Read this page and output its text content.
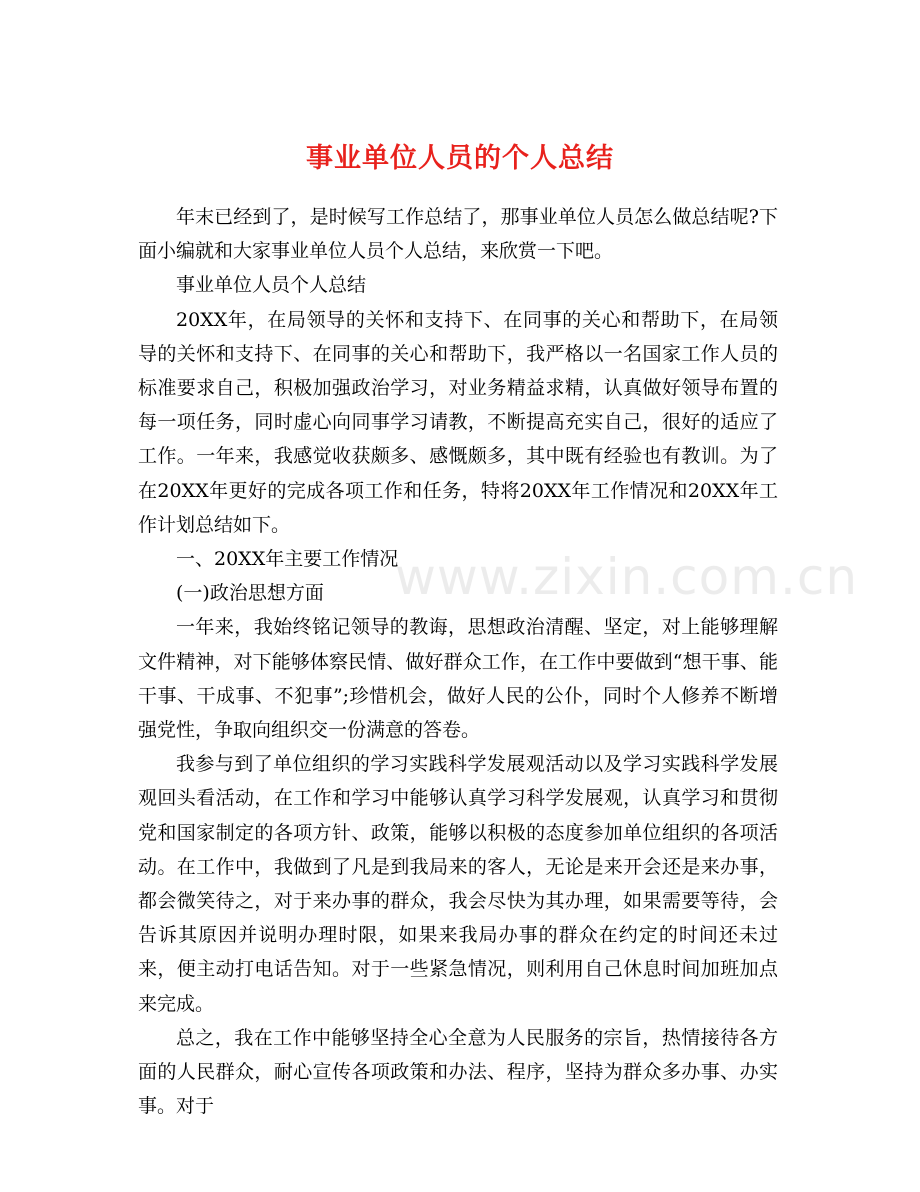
事业单位人员的个人总结

年末已经到了，是时候写工作总结了，那事业单位人员怎么做总结呢?下面小编就和大家事业单位人员个人总结，来欣赏一下吧。

事业单位人员个人总结

20XX年，在局领导的关怀和支持下、在同事的关心和帮助下，在局领导的关怀和支持下、在同事的关心和帮助下，我严格以一名国家工作人员的标准要求自己，积极加强政治学习，对业务精益求精，认真做好领导布置的每一项任务，同时虚心向同事学习请教，不断提高充实自己，很好的适应了工作。一年来，我感觉收获颇多、感慨颇多，其中既有经验也有教训。为了在20XX年更好的完成各项工作和任务，特将20XX年工作情况和20XX年工作计划总结如下。

一、20XX年主要工作情况

(一)政治思想方面

一年来，我始终铭记领导的教诲，思想政治清醒、坚定，对上能够理解文件精神，对下能够体察民情、做好群众工作，在工作中要做到“想干事、能干事、干成事、不犯事”;珍惜机会，做好人民的公仆，同时个人修养不断增强党性，争取向组织交一份满意的答卷。

我参与到了单位组织的学习实践科学发展观活动以及学习实践科学发展观回头看活动，在工作和学习中能够认真学习科学发展观，认真学习和贯彻党和国家制定的各项方针、政策，能够以积极的态度参加单位组织的各项活动。在工作中，我做到了凡是到我局来的客人，无论是来开会还是来办事，都会微笑待之，对于来办事的群众，我会尽快为其办理，如果需要等待，会告诉其原因并说明办理时限，如果来我局办事的群众在约定的时间还未过来，便主动打电话告知。对于一些紧急情况，则利用自己休息时间加班加点来完成。

总之，我在工作中能够坚持全心全意为人民服务的宗旨，热情接待各方面的人民群众，耐心宣传各项政策和办法、程序，坚持为群众多办事、办实事。对于

www.zixin.com.cn
